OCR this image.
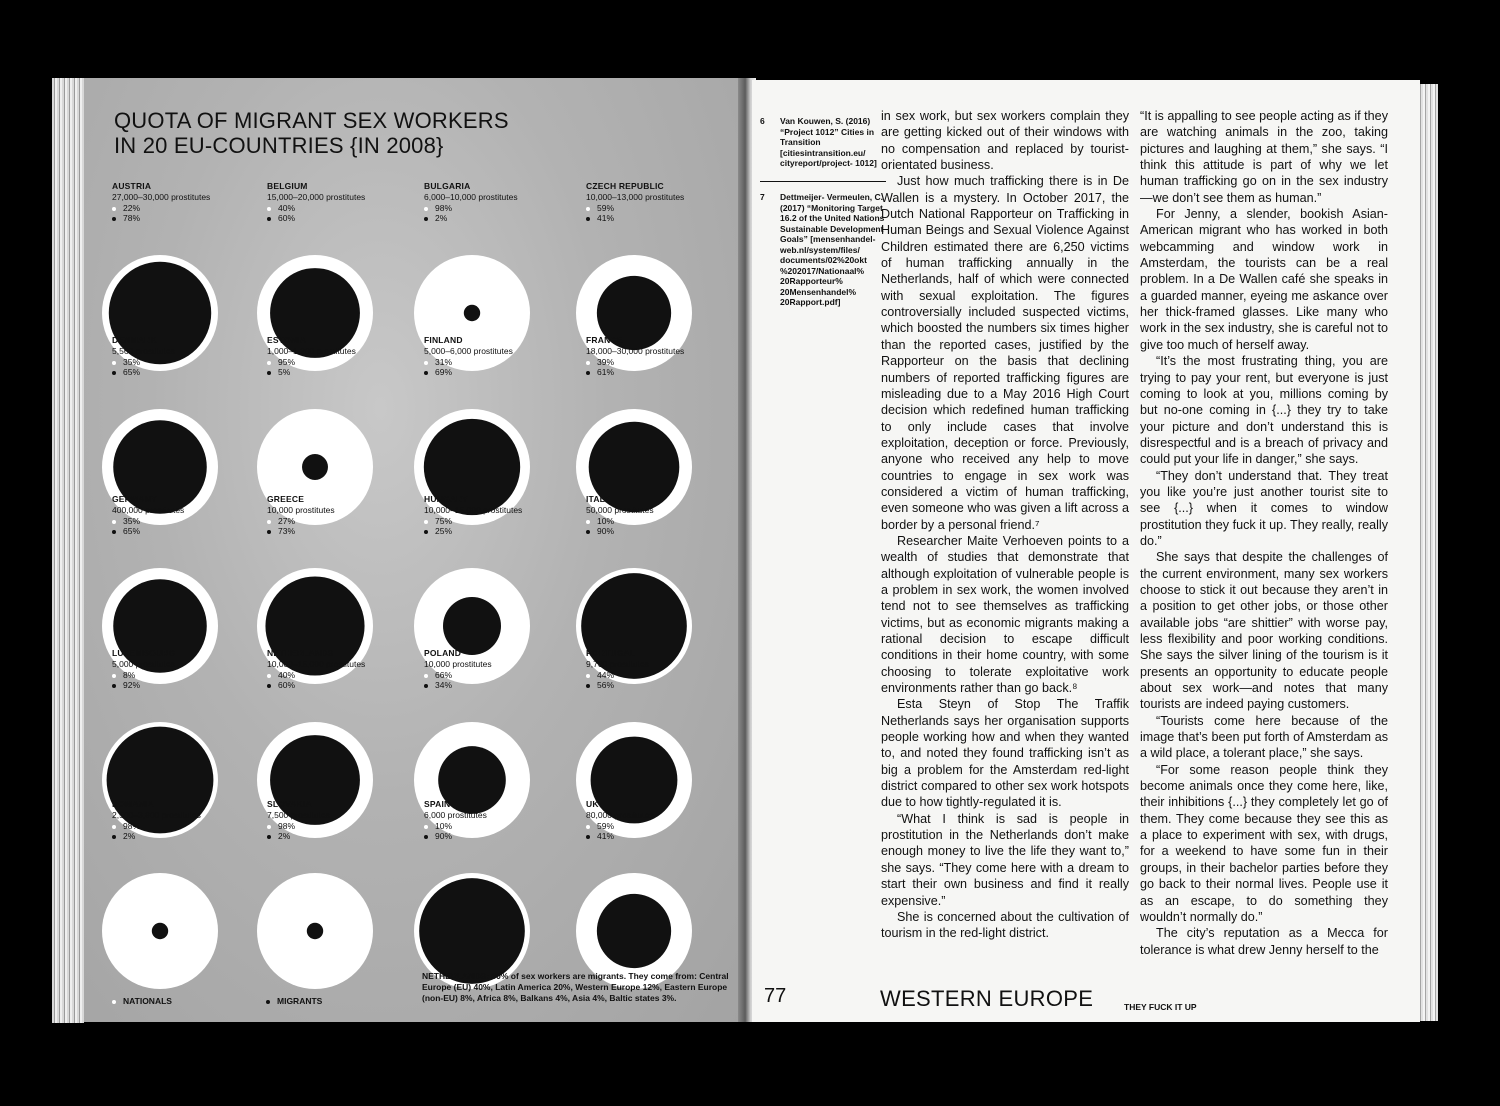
QUOTA OF MIGRANT SEX WORKERS IN 20 EU-COUNTRIES {IN 2008}
AUSTRIA
27,000–30,000 prostitutes
22%
78%
BELGIUM
15,000–20,000 prostitutes
40%
60%
BULGARIA
6,000–10,000 prostitutes
98%
2%
CZECH REPUBLIC
10,000–13,000 prostitutes
59%
41%
DENMARK
5,560 prostitutes
35%
65%
ESTONIA
1,000–1,200 prostitutes
95%
5%
FINLAND
5,000–6,000 prostitutes
31%
69%
FRANCE
18,000–30,000 prostitutes
39%
61%
GERMANY
400,000 prostitutes
35%
65%
GREECE
10,000 prostitutes
27%
73%
HUNGARY
10,000–15,000 prostitutes
75%
25%
ITALY
50,000 prostitutes
10%
90%
LUXEMBOURG
5,000 prostitutes
8%
92%
NETHERLANDS
10,000–15,000 prostitutes
40%
60%
POLAND
10,000 prostitutes
66%
34%
PORTUGAL
9,700 prostitutes
44%
56%
ROMANIA
2,500–3,800 prostitutes
98%
2%
SLOVAKIA
7,500 prostitutes
98%
2%
SPAIN
6,000 prostitutes
10%
90%
UK
80,000 prostitutes
59%
41%
NATIONALS	MIGRANTS
NETHERLANDS: 60% of sex workers are migrants. They come from: Central Europe (EU) 40%, Latin America 20%, Western Europe 12%, Eastern Europe (non-EU) 8%, Africa 8%, Balkans 4%, Asia 4%, Baltic states 3%.
6	Van Kouwen, S. (2016) “Project 1012” Cities in Transition [citiesintransition.eu/ cityreport/project- 1012]
7	Dettmeijer- Vermeulen, C. (2017) “Monitoring Target 16.2 of the United Nations Sustainable Development Goals” [mensenhandel- web.nl/system/files/ documents/02%20okt %202017/Nationaal% 20Rapporteur% 20Mensenhandel% 20Rapport.pdf]

in sex work, but sex workers complain they are getting kicked out of their windows with no compensation and replaced by tourist-orientated business.

Just how much trafficking there is in De Wallen is a mystery. In October 2017, the Dutch National Rapporteur on Trafficking in Human Beings and Sexual Violence Against Children estimated there are 6,250 victims of human trafficking annually in the Netherlands, half of which were connected with sexual exploitation. The figures controversially included suspected victims, which boosted the numbers six times higher than the reported cases, justified by the Rapporteur on the basis that declining numbers of reported trafficking figures are misleading due to a May 2016 High Court decision which redefined human trafficking to only include cases that involve exploitation, deception or force. Previously, anyone who received any help to move countries to engage in sex work was considered a victim of human trafficking, even someone who was given a lift across a border by a personal friend.⁷

Researcher Maite Verhoeven points to a wealth of studies that demonstrate that although exploitation of vulnerable people is a problem in sex work, the women involved tend not to see themselves as trafficking victims, but as economic migrants making a rational decision to escape difficult conditions in their home country, with some choosing to tolerate exploitative work environments rather than go back.⁸

Esta Steyn of Stop The Traffik Netherlands says her organisation supports people working how and when they wanted to, and noted they found trafficking isn’t as big a problem for the Amsterdam red-light district compared to other sex work hotspots due to how tightly-regulated it is.

“What I think is sad is people in prostitution in the Netherlands don’t make enough money to live the life they want to,” she says. “They come here with a dream to start their own business and find it really expensive.”

She is concerned about the cultivation of tourism in the red-light district.

“It is appalling to see people acting as if they are watching animals in the zoo, taking pictures and laughing at them,” she says. “I think this attitude is part of why we let human trafficking go on in the sex industry—we don’t see them as human.”

For Jenny, a slender, bookish Asian-American migrant who has worked in both webcamming and window work in Amsterdam, the tourists can be a real problem. In a De Wallen café she speaks in a guarded manner, eyeing me askance over her thick-framed glasses. Like many who work in the sex industry, she is careful not to give too much of herself away.

“It’s the most frustrating thing, you are trying to pay your rent, but everyone is just coming to look at you, millions coming by but no-one coming in {...} they try to take your picture and don’t understand this is disrespectful and is a breach of privacy and could put your life in danger,” she says.

“They don’t understand that. They treat you like you’re just another tourist site to see {...} when it comes to window prostitution they fuck it up. They really, really do.”

She says that despite the challenges of the current environment, many sex workers choose to stick it out because they aren’t in a position to get other jobs, or those other available jobs “are shittier” with worse pay, less flexibility and poor working conditions. She says the silver lining of the tourism is it presents an opportunity to educate people about sex work—and notes that many tourists are indeed paying customers.

“Tourists come here because of the image that’s been put forth of Amsterdam as a wild place, a tolerant place,” she says.

“For some reason people think they become animals once they come here, like, their inhibitions {...} they completely let go of them. They come because they see this as a place to experiment with sex, with drugs, for a weekend to have some fun in their groups, in their bachelor parties before they go back to their normal lives. People use it as an escape, to do something they wouldn’t normally do.”

The city’s reputation as a Mecca for tolerance is what drew Jenny herself to the

77	WESTERN EUROPE	THEY FUCK IT UP
